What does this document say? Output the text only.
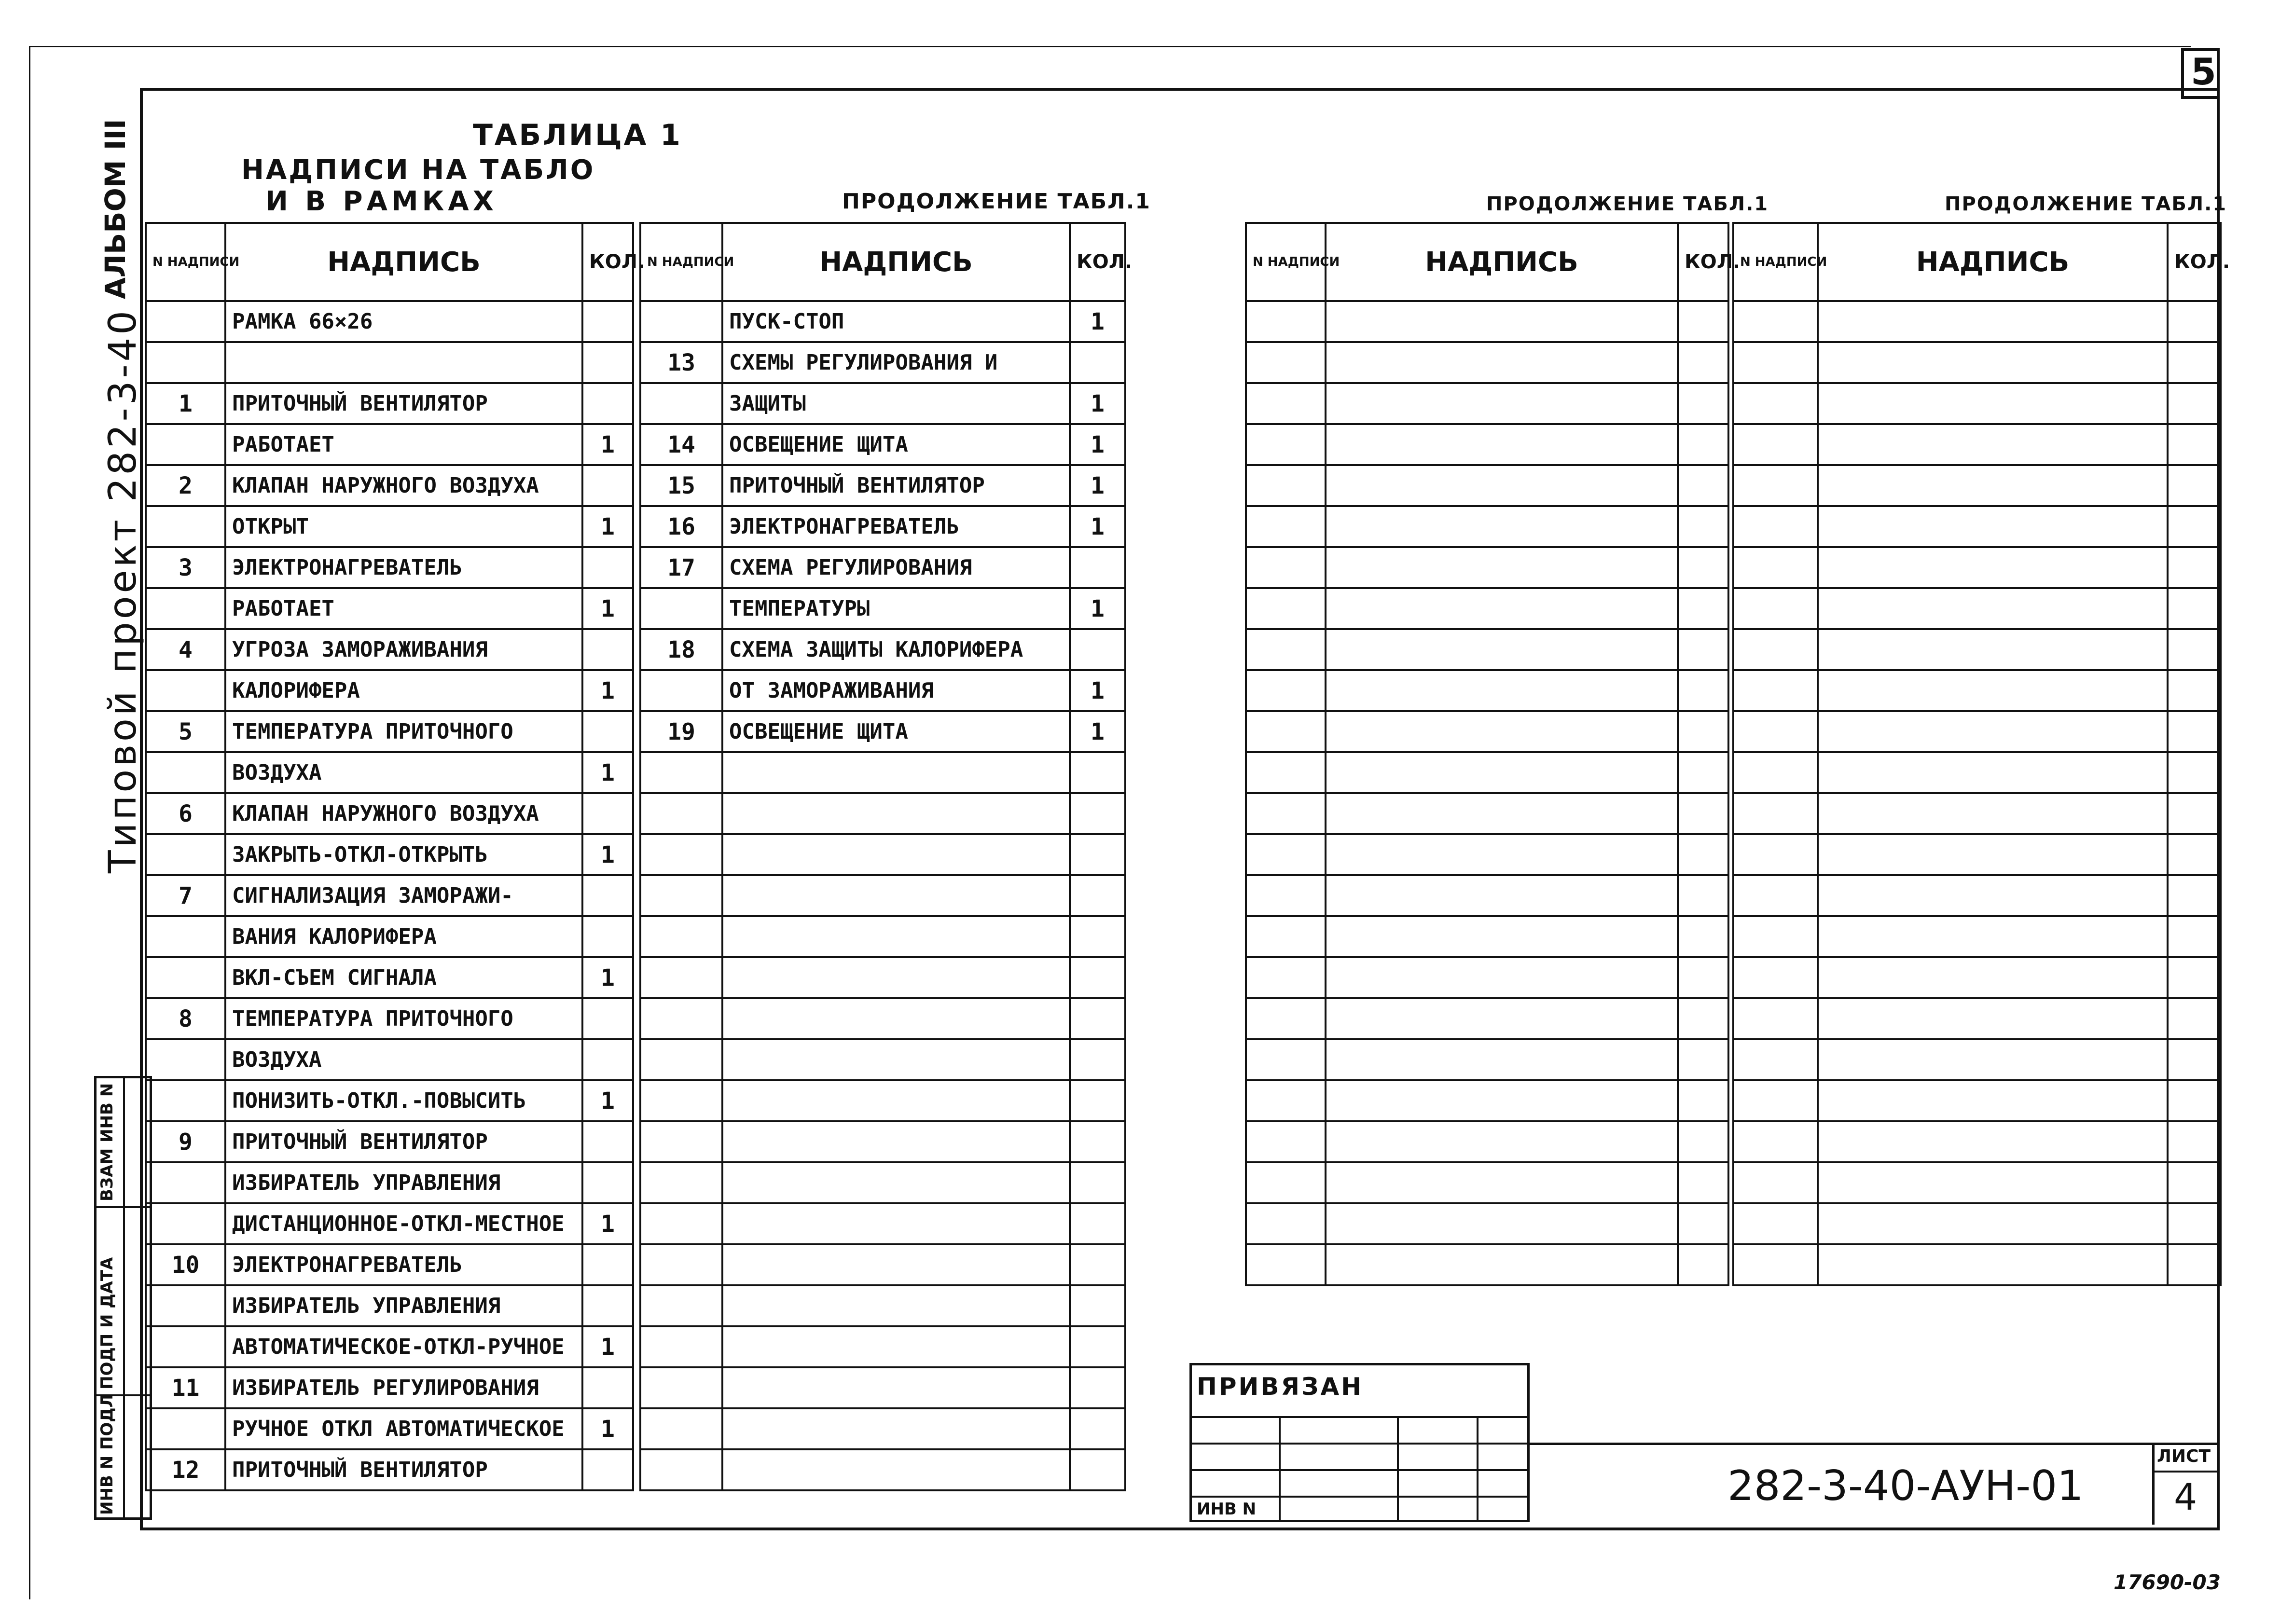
5
АЛЬБОМ III
Типовой проект 282-3-40
ИНВ N ПОДЛ
ПОДП И ДАТА
ВЗАМ ИНВ N
ТАБЛИЦА 1
НАДПИСИ НА ТАБЛО
И В РАМКАХ	ПРОДОЛЖЕНИЕ ТАБЛ.1	ПРОДОЛЖЕНИЕ ТАБЛ.1	ПРОДОЛЖЕНИЕ ТАБЛ.1
N НАДПИСИ	НАДПИСЬ	КОЛ.
	РАМКА 66×26	

1	ПРИТОЧНЫЙ ВЕНТИЛЯТОР	
	РАБОТАЕТ	1
2	КЛАПАН НАРУЖНОГО ВОЗДУХА	
	ОТКРЫТ	1
3	ЭЛЕКТРОНАГРЕВАТЕЛЬ	
	РАБОТАЕТ	1
4	УГРОЗА ЗАМОРАЖИВАНИЯ	
	КАЛОРИФЕРА	1
5	ТЕМПЕРАТУРА ПРИТОЧНОГО	
	ВОЗДУХА	1
6	КЛАПАН НАРУЖНОГО ВОЗДУХА	
	ЗАКРЫТЬ-ОТКЛ-ОТКРЫТЬ	1
7	СИГНАЛИЗАЦИЯ ЗАМОРАЖИ-	
	ВАНИЯ КАЛОРИФЕРА	
	ВКЛ-СЪЕМ СИГНАЛА	1
8	ТЕМПЕРАТУРА ПРИТОЧНОГО	
	ВОЗДУХА	
	ПОНИЗИТЬ-ОТКЛ.-ПОВЫСИТЬ	1
9	ПРИТОЧНЫЙ ВЕНТИЛЯТОР	
	ИЗБИРАТЕЛЬ УПРАВЛЕНИЯ	
	ДИСТАНЦИОННОЕ-ОТКЛ-МЕСТНОЕ	1
10	ЭЛЕКТРОНАГРЕВАТЕЛЬ	
	ИЗБИРАТЕЛЬ УПРАВЛЕНИЯ	
	АВТОМАТИЧЕСКОЕ-ОТКЛ-РУЧНОЕ	1
11	ИЗБИРАТЕЛЬ РЕГУЛИРОВАНИЯ	
	РУЧНОЕ ОТКЛ АВТОМАТИЧЕСКОЕ	1
12	ПРИТОЧНЫЙ ВЕНТИЛЯТОР	
N НАДПИСИ	НАДПИСЬ	КОЛ.
	ПУСК-СТОП	1
13	СХЕМЫ РЕГУЛИРОВАНИЯ И	
	ЗАЩИТЫ	1
14	ОСВЕЩЕНИЕ ЩИТА	1
15	ПРИТОЧНЫЙ ВЕНТИЛЯТОР	1
16	ЭЛЕКТРОНАГРЕВАТЕЛЬ	1
17	СХЕМА РЕГУЛИРОВАНИЯ	
	ТЕМПЕРАТУРЫ	1
18	СХЕМА ЗАЩИТЫ КАЛОРИФЕРА	
	ОТ ЗАМОРАЖИВАНИЯ	1
19	ОСВЕЩЕНИЕ ЩИТА	1

N НАДПИСИ	НАДПИСЬ	КОЛ.

		N НАДПИСИ	НАДПИСЬ	КОЛ.

ПРИВЯЗАН
ИНВ N	282-3-40-АУН-01
ЛИСТ
4
17690-03
